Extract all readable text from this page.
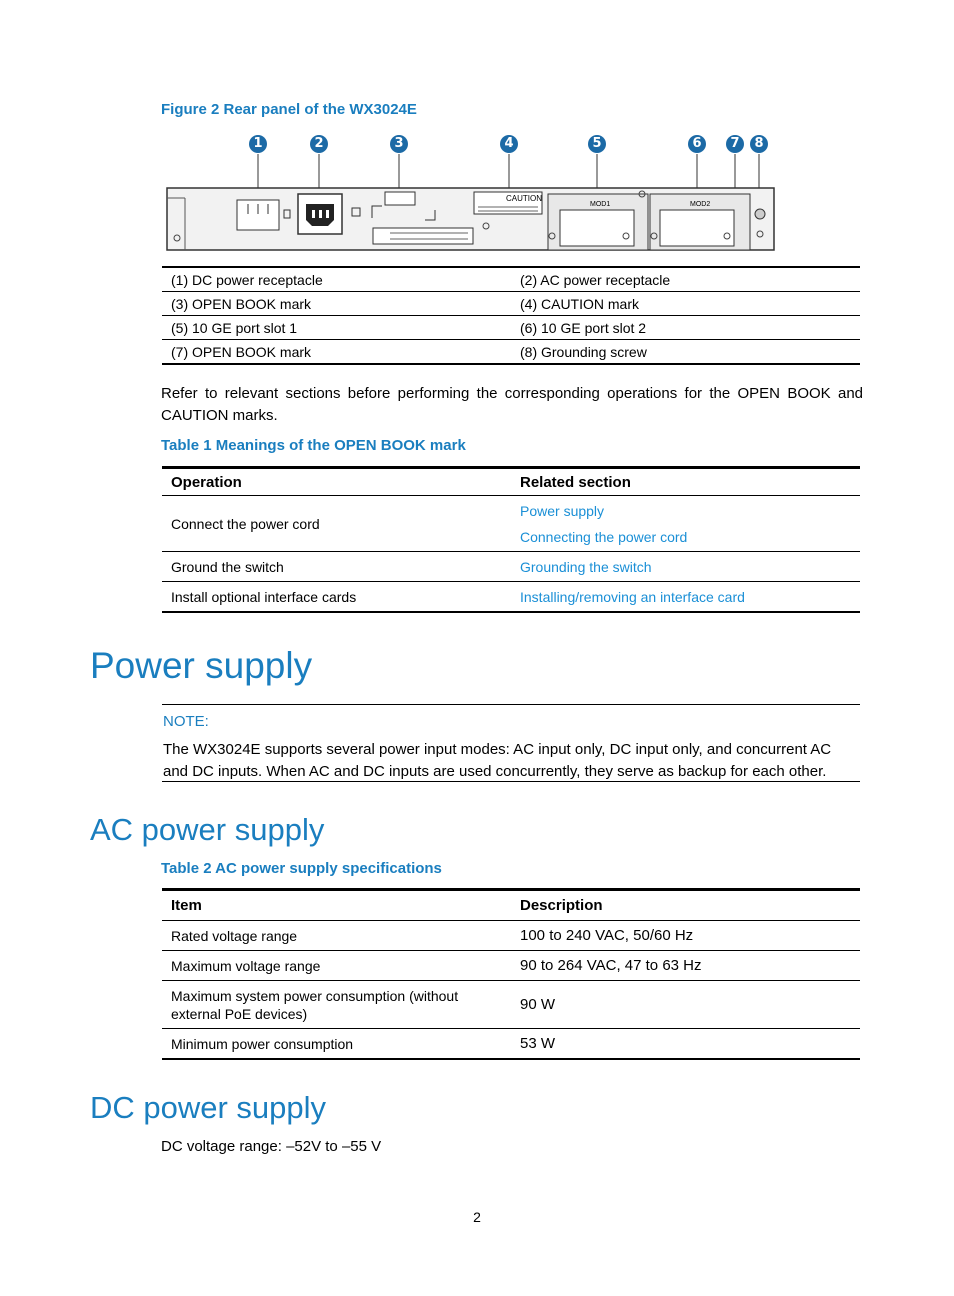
Figure 2 Rear panel of the WX3024E
1	2	3	4	5	6	7	8
CAUTION
MOD1	MOD2
(1) DC power receptacle	(2) AC power receptacle
(3) OPEN BOOK mark	(4) CAUTION mark
(5) 10 GE port slot 1	(6) 10 GE port slot 2
(7) OPEN BOOK mark	(8) Grounding screw
Refer to relevant sections before performing the corresponding operations for the OPEN BOOK and CAUTION marks.
Table 1 Meanings of the OPEN BOOK mark
Operation	Related section
Connect the power cord	Power supply
Connecting the power cord
Ground the switch	Grounding the switch
Install optional interface cards	Installing/removing an interface card
Power supply
NOTE:
The WX3024E supports several power input modes: AC input only, DC input only, and concurrent AC and DC inputs. When AC and DC inputs are used concurrently, they serve as backup for each other.
AC power supply
Table 2 AC power supply specifications
Item	Description
Rated voltage range	100 to 240 VAC, 50/60 Hz
Maximum voltage range	90 to 264 VAC, 47 to 63 Hz
Maximum system power consumption (without external PoE devices)	90 W
Minimum power consumption	53 W
DC power supply
DC voltage range: –52V to –55 V
2
